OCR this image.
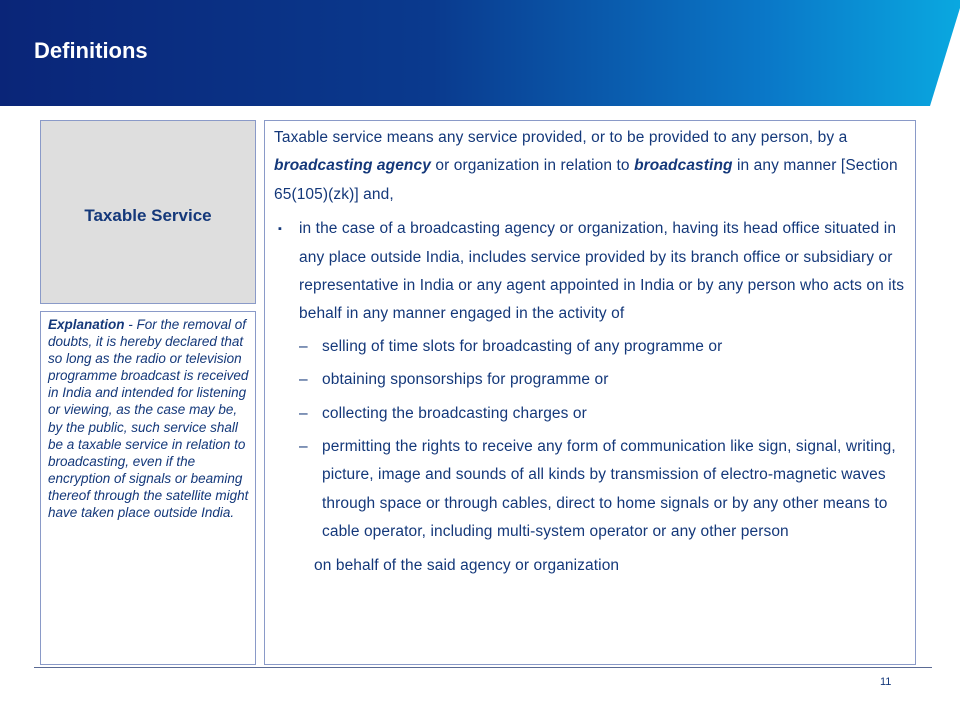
Definitions
Taxable Service
Explanation - For the removal of doubts, it is hereby declared that so long as the radio or television programme broadcast is received in India and intended for listening or viewing, as the case may be, by the public, such service shall be a taxable service in relation to broadcasting, even if the encryption of signals or beaming thereof through the satellite might have taken place outside India.

Taxable service means any service provided, or to be provided to any person, by a broadcasting agency or organization in relation to broadcasting in any manner [Section 65(105)(zk)] and,

▪ in the case of a broadcasting agency or organization, having its head office situated in any place outside India, includes service provided by its branch office or subsidiary or representative in India or any agent appointed in India or by any person who acts on its behalf in any manner engaged in the activity of
– selling of time slots for broadcasting of any programme or
– obtaining sponsorships for programme or
– collecting the broadcasting charges or
– permitting the rights to receive any form of communication like sign, signal, writing, picture, image and sounds of all kinds by transmission of electro-magnetic waves through space or through cables, direct to home signals or by any other means to cable operator, including multi-system operator or any other person

on behalf of the said agency or organization

11
